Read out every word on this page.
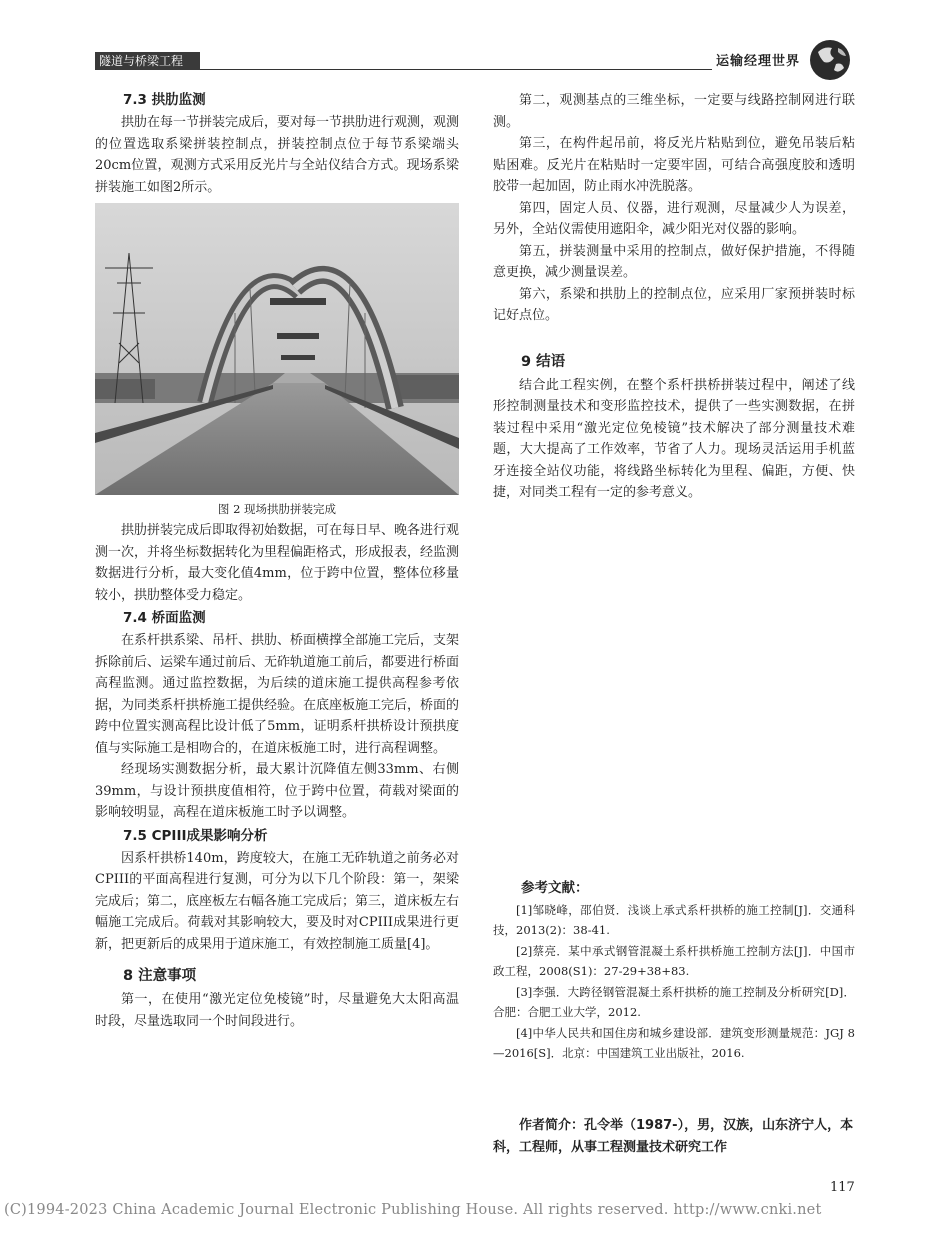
隧道与桥梁工程	运输经理世界
7.3 拱肋监测

拱肋在每一节拼装完成后，要对每一节拱肋进行观测，观测的位置选取系梁拼装控制点，拼装控制点位于每节系梁端头20cm位置，观测方式采用反光片与全站仪结合方式。现场系梁拼装施工如图2所示。

图 2 现场拱肋拼装完成

拱肋拼装完成后即取得初始数据，可在每日早、晚各进行观测一次，并将坐标数据转化为里程偏距格式，形成报表，经监测数据进行分析，最大变化值4mm，位于跨中位置，整体位移量较小，拱肋整体受力稳定。

7.4 桥面监测

在系杆拱系梁、吊杆、拱肋、桥面横撑全部施工完后，支架拆除前后、运梁车通过前后、无砟轨道施工前后，都要进行桥面高程监测。通过监控数据，为后续的道床施工提供高程参考依据，为同类系杆拱桥施工提供经验。在底座板施工完后，桥面的跨中位置实测高程比设计低了5mm，证明系杆拱桥设计预拱度值与实际施工是相吻合的，在道床板施工时，进行高程调整。

经现场实测数据分析，最大累计沉降值左侧33mm、右侧39mm，与设计预拱度值相符，位于跨中位置，荷载对梁面的影响较明显，高程在道床板施工时予以调整。

7.5 CPIII成果影响分析

因系杆拱桥140m，跨度较大，在施工无砟轨道之前务必对CPIII的平面高程进行复测，可分为以下几个阶段：第一，架梁完成后；第二，底座板左右幅各施工完成后；第三，道床板左右幅施工完成后。荷载对其影响较大，要及时对CPIII成果进行更新，把更新后的成果用于道床施工，有效控制施工质量[4]。

8 注意事项

第一，在使用“激光定位免棱镜”时，尽量避免大太阳高温时段，尽量选取同一个时间段进行。

第二，观测基点的三维坐标，一定要与线路控制网进行联测。

第三，在构件起吊前，将反光片粘贴到位，避免吊装后粘贴困难。反光片在粘贴时一定要牢固，可结合高强度胶和透明胶带一起加固，防止雨水冲洗脱落。

第四，固定人员、仪器，进行观测，尽量减少人为误差，另外，全站仪需使用遮阳伞，减少阳光对仪器的影响。

第五，拼装测量中采用的控制点，做好保护措施，不得随意更换，减少测量误差。

第六，系梁和拱肋上的控制点位，应采用厂家预拼装时标记好点位。

9 结语

结合此工程实例，在整个系杆拱桥拼装过程中，阐述了线形控制测量技术和变形监控技术，提供了一些实测数据，在拼装过程中采用“激光定位免棱镜”技术解决了部分测量技术难题，大大提高了工作效率，节省了人力。现场灵活运用手机蓝牙连接全站仪功能，将线路坐标转化为里程、偏距，方便、快捷，对同类工程有一定的参考意义。

参考文献：

[1]邹晓峰，邵伯贤．浅谈上承式系杆拱桥的施工控制[J]．交通科技，2013(2)：38-41.

[2]蔡亮．某中承式钢管混凝土系杆拱桥施工控制方法[J]．中国市政工程，2008(S1)：27-29+38+83.

[3]李强．大跨径钢管混凝土系杆拱桥的施工控制及分析研究[D]．合肥：合肥工业大学，2012.

[4]中华人民共和国住房和城乡建设部．建筑变形测量规范：JGJ 8—2016[S]．北京：中国建筑工业出版社，2016.

作者简介：孔令举（1987-），男，汉族，山东济宁人，本科，工程师，从事工程测量技术研究工作
117
(C)1994-2023 China Academic Journal Electronic Publishing House. All rights reserved. http://www.cnki.net
